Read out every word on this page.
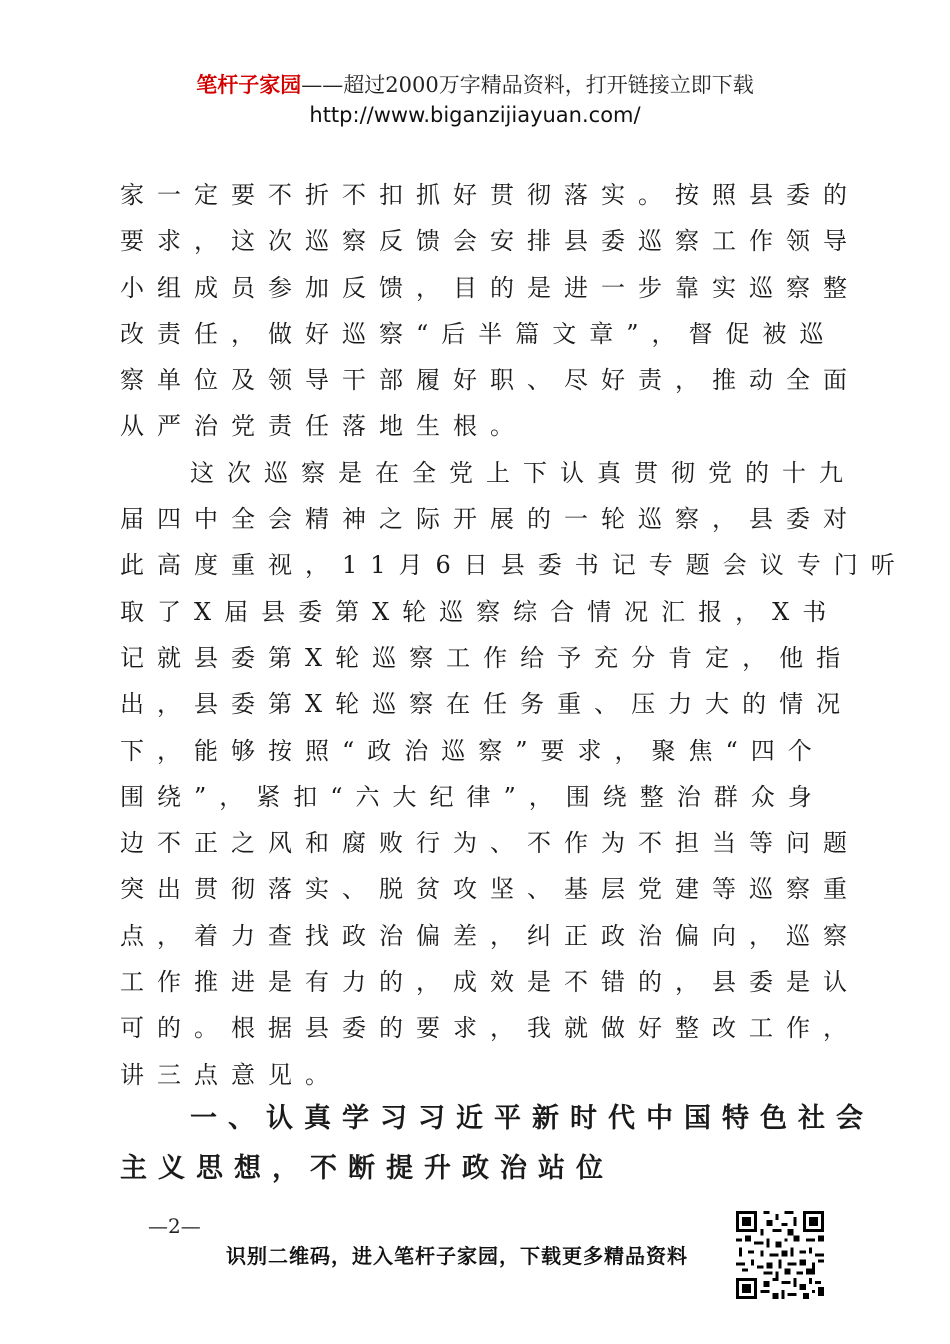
笔杆子家园——超过2000万字精品资料，打开链接立即下载
http://www.biganzijiayuan.com/
家一定要不折不扣抓好贯彻落实。按照县委的
要求，这次巡察反馈会安排县委巡察工作领导
小组成员参加反馈，目的是进一步靠实巡察整
改责任，做好巡察“后半篇文章”，督促被巡
察单位及领导干部履好职、尽好责，推动全面
从严治党责任落地生根。
这次巡察是在全党上下认真贯彻党的十九
届四中全会精神之际开展的一轮巡察，县委对
此高度重视，11月6日县委书记专题会议专门听
取了X届县委第X轮巡察综合情况汇报，X书
记就县委第X轮巡察工作给予充分肯定，他指
出，县委第X轮巡察在任务重、压力大的情况
下，能够按照“政治巡察”要求，聚焦“四个
围绕”，紧扣“六大纪律”，围绕整治群众身
边不正之风和腐败行为、不作为不担当等问题
突出贯彻落实、脱贫攻坚、基层党建等巡察重
点，着力查找政治偏差，纠正政治偏向，巡察
工作推进是有力的，成效是不错的，县委是认
可的。根据县委的要求，我就做好整改工作，
讲三点意见。
一、认真学习习近平新时代中国特色社会
主义思想，不断提升政治站位
—2—
识别二维码，进入笔杆子家园，下载更多精品资料
